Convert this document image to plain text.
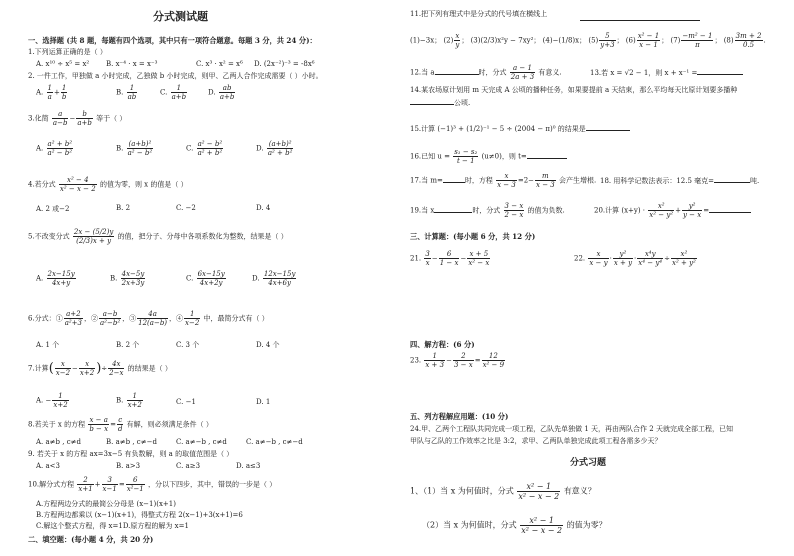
分式测试题
一、选择题 (共 8 题，每题有四个选项，其中只有一项符合题意。每题 3 分，共 24 分)：
1.下列运算正确的是（ ）
A. x¹⁰ ÷ x⁵ = x² B. x⁻⁴ · x = x⁻³	C. x³ · x² = x⁶ D. (2x⁻²)⁻³ = -8x⁶
2. 一件工作，甲独做 a 小时完成，乙独做 b 小时完成，则甲、乙两人合作完成需要（ ）小时。
A. $\frac{1}{a} + \frac{1}{b}$	B. $\frac{1}{ab}$	C. $\frac{1}{a+b}$	D. $\frac{ab}{a+b}$
3.化简 $\frac{a}{a-b} - \frac{b}{a+b}$ 等于（ ）
A. $\frac{\text{a² + b²}}{\text{a² − b²}}$	B. $\frac{\text{(a+b)²}}{\text{a² − b²}}$	C. $\frac{\text{a² − b²}}{\text{a² + b²}}$	D. $\frac{\text{(a+b)²}}{\text{a² + b²}}$
4.若分式 $\frac{\text{x² − 4}}{\text{x² − x − 2}}$ 的值为零，则 x 的值是（ ）
A. 2 或−2	B. 2	C. −2	D. 4
5.不改变分式 $\frac{2x - (5/2)y}{(2/3)x + y}$ 的值，把分子、分母中各项系数化为整数，结果是（ ）
A. $\frac{2x-15y}{4x+y}$	B. $\frac{4x-5y}{2x+3y}$	C. $\frac{6x-15y}{4x+2y}$	D. $\frac{12x-15y}{4x+6y}$
6.分式：① $\frac{a+2}{\text{a²+3}}$ ，② $\frac{a-b}{\text{a²−b²}}$ ，③ $\frac{4a}{12(a-b)}$ ，④ $\frac{1}{x-2}$ 中，最简分式有（ ）
A. 1 个	B. 2 个	C. 3 个	D. 4 个
7.计算( $\frac{x}{x-2} - \frac{x}{x+2}$ )÷ $\frac{4x}{2-x}$ 的结果是（ ）
A. − $\frac{1}{x+2}$	B. $\frac{1}{x+2}$	C. −1	D. 1
8.若关于 x 的方程 $\frac{x - a}{b - x} = \frac{c}{d}$ 有解，则必须满足条件（ ）
A. a≠b , c≠d	B. a≠b , c≠−d	C. a≠−b , c≠d	C. a≠−b , c≠−d
9. 若关于 x 的方程 ax=3x−5 有负数解，则 a 的取值范围是（ ）
A. a<3	B. a>3	C. a≥3	D. a≤3
10.解分式方程 $\frac{2}{x+1} + \frac{3}{x-1} = \frac{6}{\text{x²−1}}$ ，分以下四步，其中，错误的一步是（ ）
A.方程两边分式的最简公分母是 (x−1)(x+1)
B.方程两边都乘以 (x−1)(x+1)，得整式方程 2(x−1)+3(x+1)=6
C.解这个整式方程，得 x=1D.原方程的解为 x=1
二、填空题：(每小题 4 分，共 20 分)
11.把下列有理式中是分式的代号填在横线上
(1)−3x； $(2) \frac{x}{y}$ ； (3)(2/3)x²y − 7xy²； (4)−(1/8)x； $(5) \frac{5}{y+3}$ ； $(6) \frac{\text{x² − 1}}{x - 1}$ ； $(7) \frac{\text{−m² − 1}}{\pi}$ ； $(8) \frac{3m + 2}{0.5}$ .
12.当 a	时，分式 $\frac{a - 1}{2a + 3}$ 有意义.	13.若 x = √2 − 1，则 x + x⁻¹ =
14.某农场原计划用 m 天完成 A 公顷的播种任务，如果要提前 a 天结束，那么平均每天比原计划要多播种
公顷.
15.计算 (−1)³ + (1/2)⁻¹ − 5 ÷ (2004 − π)⁰ 的结果是
16.已知 $u = \frac{\text{s₁ − s₂}}{t - 1} (u\ne 0)$，则 t=
17.当 m=	时，方程 $\frac{x}{x - 3} =2- \frac{m}{x - 3}$ 会产生增根. 18. 用科学记数法表示：12.5 毫克=	吨.
19.当 x	时，分式 $\frac{3 - x}{2 - x}$ 的值为负数.	20.计算 $(x+y) \cdot \frac{\text{x²}}{\text{x² − y²}} + \frac{\text{y²}}{y - x}$ =
三、计算题：(每小题 6 分，共 12 分)
21. $\frac{3}{x} - \frac{6}{1 - x} - \frac{x + 5}{\text{x² − x}}$	22. $\frac{x}{x - y} \cdot \frac{\text{y²}}{x + y} \cdot \frac{\text{x⁴y}}{\text{x⁴ − y⁴}} \div \frac{\text{x²}}{\text{x² + y²}}$
四、解方程：(6 分)
23. $\frac{1}{x + 3} - \frac{2}{3 - x} = \frac{12}{\text{x² − 9}}$
五、列方程解应用题：(10 分)
24.甲、乙两个工程队共同完成一项工程，乙队先单独做 1 天，再由两队合作 2 天就完成全部工程，已知
甲队与乙队的工作效率之比是 3:2，求甲、乙两队单独完成此项工程各需多少天？
分式习题
1、（1）当 x 为何值时，分式 $\frac{\text{x² − 1}}{\text{x² − x − 2}}$ 有意义？
（2）当 x 为何值时，分式 $\frac{\text{x² − 1}}{\text{x² − x − 2}}$ 的值为零？
